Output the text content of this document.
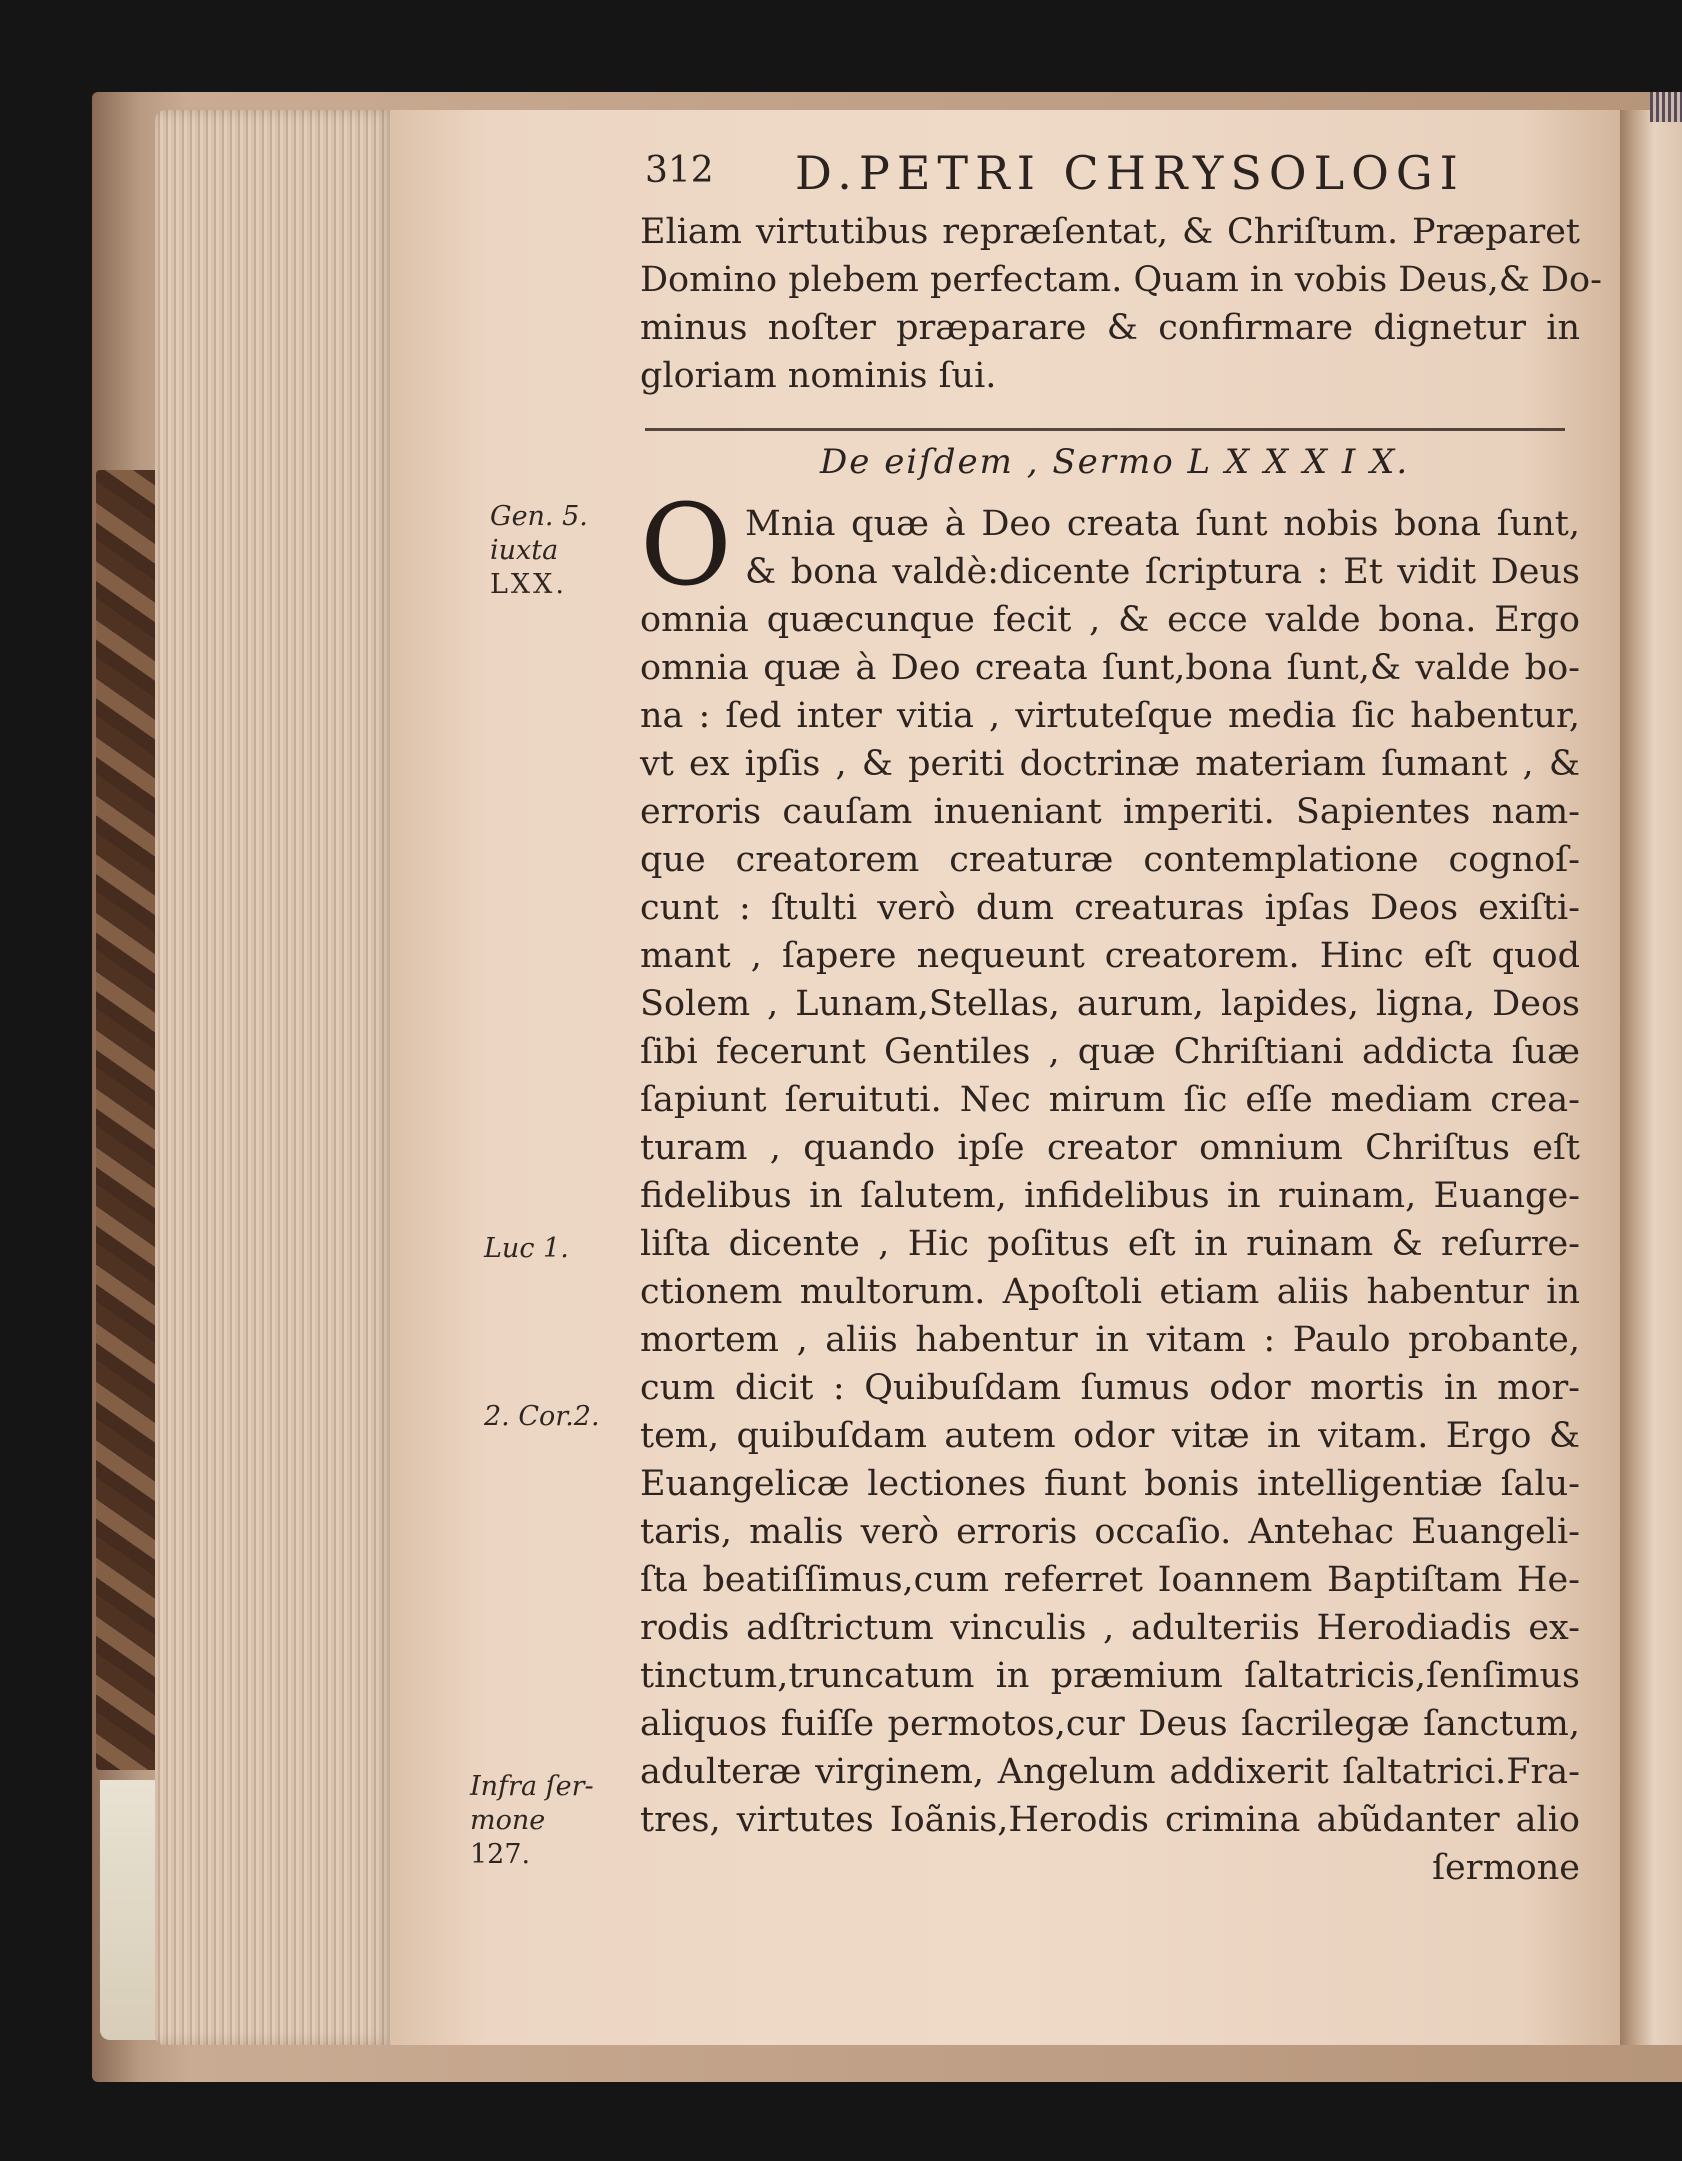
312 D.PETRI CHRYSOLOGI
Eliam virtutibus repræſentat, & Chriſtum. Præparet
Domino plebem perfectam. Quam in vobis Deus,& Do-
minus noſter præparare & confirmare dignetur in
gloriam nominis ſui.
De eiſdem , Sermo L X X X I X.
O Mnia quæ à Deo creata ſunt nobis bona ſunt,
& bona valdè:dicente ſcriptura : Et vidit Deus
omnia quæcunque fecit , & ecce valde bona. Ergo
omnia quæ à Deo creata ſunt,bona ſunt,& valde bo-
na : ſed inter vitia , virtuteſque media ſic habentur,
vt ex ipſis , & periti doctrinæ materiam ſumant , &
erroris cauſam inueniant imperiti. Sapientes nam-
que creatorem creaturæ contemplatione cognoſ-
cunt : ſtulti verò dum creaturas ipſas Deos exiſti-
mant , ſapere nequeunt creatorem. Hinc eſt quod
Solem , Lunam,Stellas, aurum, lapides, ligna, Deos
ſibi fecerunt Gentiles , quæ Chriſtiani addicta ſuæ
ſapiunt ſeruituti. Nec mirum ſic eſſe mediam crea-
turam , quando ipſe creator omnium Chriſtus eſt
fidelibus in ſalutem, infidelibus in ruinam, Euange-
liſta dicente , Hic poſitus eſt in ruinam & reſurre-
ctionem multorum. Apoſtoli etiam aliis habentur in
mortem , aliis habentur in vitam : Paulo probante,
cum dicit : Quibuſdam ſumus odor mortis in mor-
tem, quibuſdam autem odor vitæ in vitam. Ergo &
Euangelicæ lectiones fiunt bonis intelligentiæ ſalu-
taris, malis verò erroris occaſio. Antehac Euangeli-
ſta beatiſſimus,cum referret Ioannem Baptiſtam He-
rodis adſtrictum vinculis , adulteriis Herodiadis ex-
tinctum,truncatum in præmium ſaltatricis,ſenſimus
aliquos fuiſſe permotos,cur Deus ſacrilegæ ſanctum,
adulteræ virginem, Angelum addixerit ſaltatrici.Fra-
tres, virtutes Ioãnis,Herodis crimina abũdanter alio
ſermone
Gen. 5.
iuxta
LXX.
Luc 1.
2. Cor.2.
Infra ſer-
mone
127.
